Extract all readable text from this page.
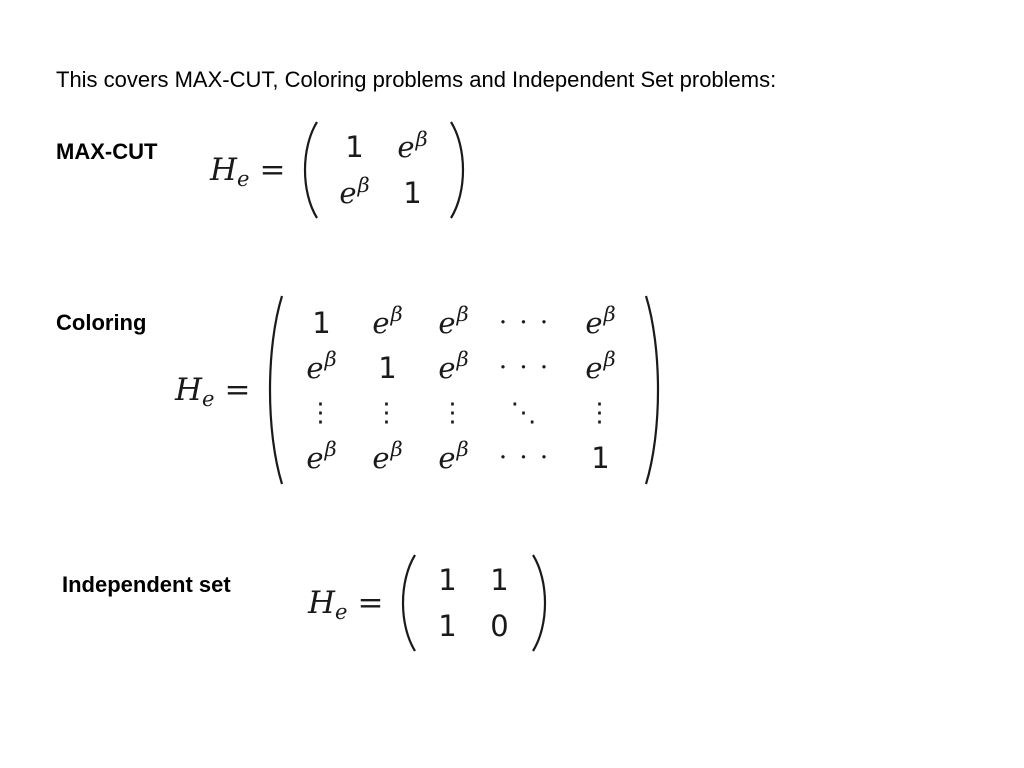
This covers MAX-CUT, Coloring problems and Independent Set problems:
MAX-CUT
$H_e$ =
1 $e^\beta$
$e^\beta$ 1
Coloring
$H_e$ =
1 $e^\beta$ $e^\beta$ · · · $e^\beta$
$e^\beta$ 1 $e^\beta$ · · · $e^\beta$
⋮ ⋮ ⋮ ⋱ ⋮
$e^\beta$ $e^\beta$ $e^\beta$ · · · 1
Independent set
$H_e$ =
1 1
1 0
